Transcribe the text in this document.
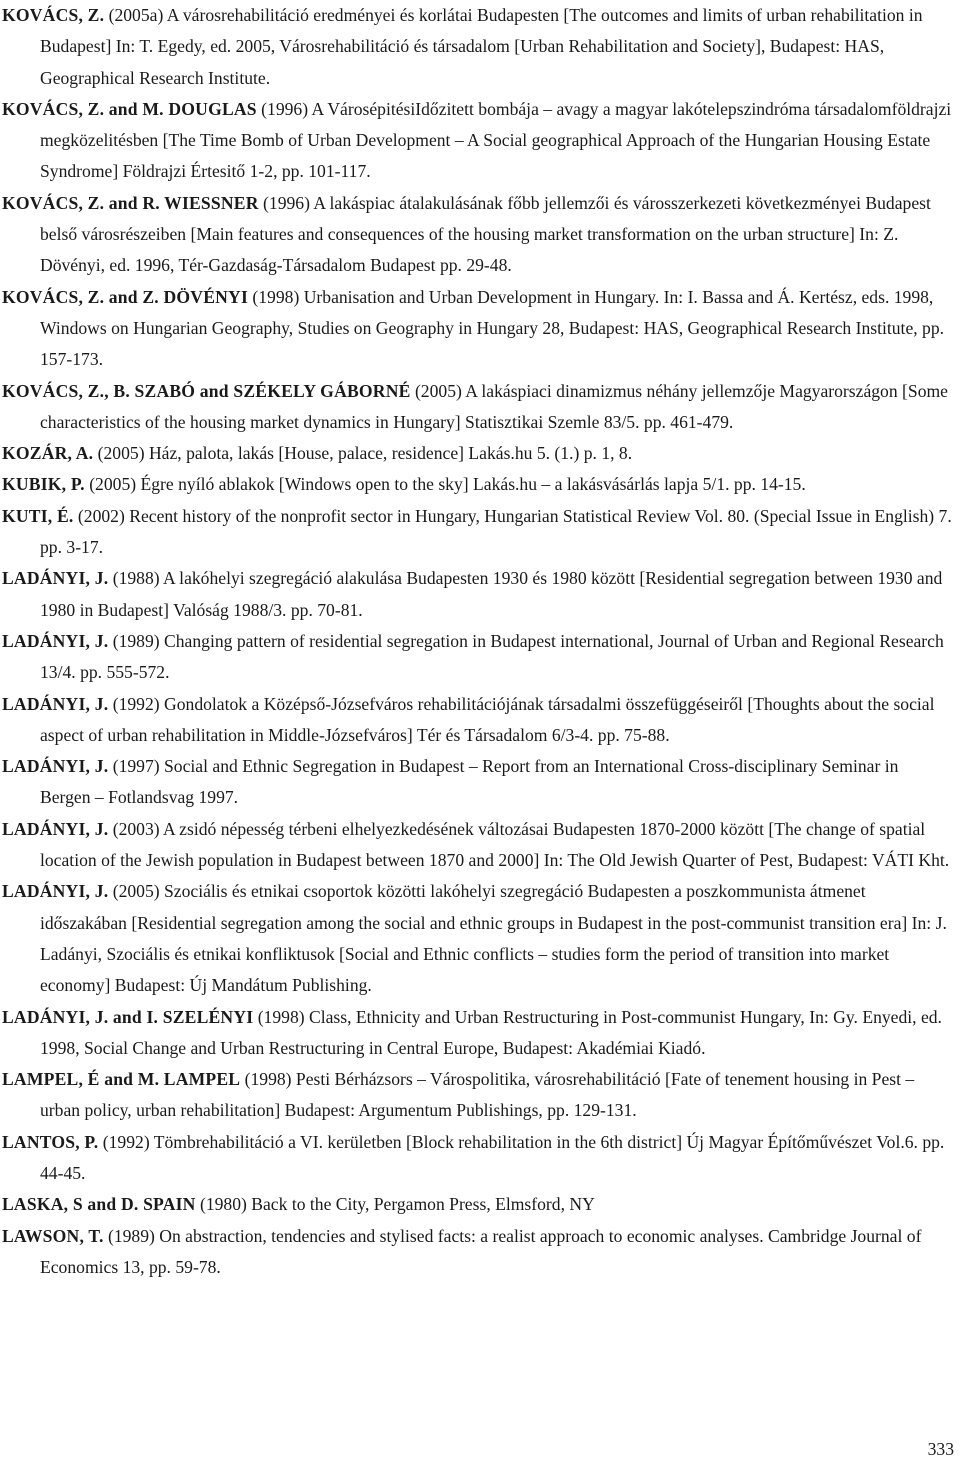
KOVÁCS, Z. (2005a) A városrehabilitáció eredményei és korlátai Budapesten [The outcomes and limits of urban rehabilitation in Budapest] In: T. Egedy, ed. 2005, Városrehabilitáció és társadalom [Urban Rehabilitation and Society], Budapest: HAS, Geographical Research Institute.

KOVÁCS, Z. and M. DOUGLAS (1996) A VárosépitésiIdőzitett bombája – avagy a magyar lakótelepszindróma társadalomföldrajzi megközelitésben [The Time Bomb of Urban Development – A Social geographical Approach of the Hungarian Housing Estate Syndrome] Földrajzi Értesitő 1-2, pp. 101-117.

KOVÁCS, Z. and R. WIESSNER (1996) A lakáspiac átalakulásának főbb jellemzői és városszerkezeti következményei Budapest belső városrészeiben [Main features and consequences of the housing market transformation on the urban structure] In: Z. Dövényi, ed. 1996, Tér-Gazdaság-Társadalom Budapest pp. 29-48.

KOVÁCS, Z. and Z. DÖVÉNYI (1998) Urbanisation and Urban Development in Hungary. In: I. Bassa and Á. Kertész, eds. 1998, Windows on Hungarian Geography, Studies on Geography in Hungary 28, Budapest: HAS, Geographical Research Institute, pp. 157-173.

KOVÁCS, Z., B. SZABÓ and SZÉKELY GÁBORNÉ (2005) A lakáspiaci dinamizmus néhány jellemzője Magyarországon [Some characteristics of the housing market dynamics in Hungary] Statisztikai Szemle 83/5. pp. 461-479.

KOZÁR, A. (2005) Ház, palota, lakás [House, palace, residence] Lakás.hu 5. (1.) p. 1, 8.

KUBIK, P. (2005) Égre nyíló ablakok [Windows open to the sky] Lakás.hu – a lakásvásárlás lapja 5/1. pp. 14-15.

KUTI, É. (2002) Recent history of the nonprofit sector in Hungary, Hungarian Statistical Review Vol. 80. (Special Issue in English) 7. pp. 3-17.

LADÁNYI, J. (1988) A lakóhelyi szegregáció alakulása Budapesten 1930 és 1980 között [Residential segregation between 1930 and 1980 in Budapest] Valóság 1988/3. pp. 70-81.

LADÁNYI, J. (1989) Changing pattern of residential segregation in Budapest international, Journal of Urban and Regional Research 13/4. pp. 555-572.

LADÁNYI, J. (1992) Gondolatok a Középső-Józsefváros rehabilitációjának társadalmi összefüggéseiről [Thoughts about the social aspect of urban rehabilitation in Middle-Józsefváros] Tér és Társadalom 6/3-4. pp. 75-88.

LADÁNYI, J. (1997) Social and Ethnic Segregation in Budapest – Report from an International Cross-disciplinary Seminar in Bergen – Fotlandsvag 1997.

LADÁNYI, J. (2003) A zsidó népesség térbeni elhelyezkedésének változásai Budapesten 1870-2000 között [The change of spatial location of the Jewish population in Budapest between 1870 and 2000] In: The Old Jewish Quarter of Pest, Budapest: VÁTI Kht.

LADÁNYI, J. (2005) Szociális és etnikai csoportok közötti lakóhelyi szegregáció Budapesten a poszkommunista átmenet időszakában [Residential segregation among the social and ethnic groups in Budapest in the post-communist transition era] In: J. Ladányi, Szociális és etnikai konfliktusok [Social and Ethnic conflicts – studies form the period of transition into market economy] Budapest: Új Mandátum Publishing.

LADÁNYI, J. and I. SZELÉNYI (1998) Class, Ethnicity and Urban Restructuring in Post-communist Hungary, In: Gy. Enyedi, ed. 1998, Social Change and Urban Restructuring in Central Europe, Budapest: Akadémiai Kiadó.

LAMPEL, É and M. LAMPEL (1998) Pesti Bérházsors – Várospolitika, városrehabilitáció [Fate of tenement housing in Pest – urban policy, urban rehabilitation] Budapest: Argumentum Publishings, pp. 129-131.

LANTOS, P. (1992) Tömbrehabilitáció a VI. kerületben [Block rehabilitation in the 6th district] Új Magyar Építőművészet Vol.6. pp. 44-45.

LASKA, S and D. SPAIN (1980) Back to the City, Pergamon Press, Elmsford, NY

LAWSON, T. (1989) On abstraction, tendencies and stylised facts: a realist approach to economic analyses. Cambridge Journal of Economics 13, pp. 59-78.

333
